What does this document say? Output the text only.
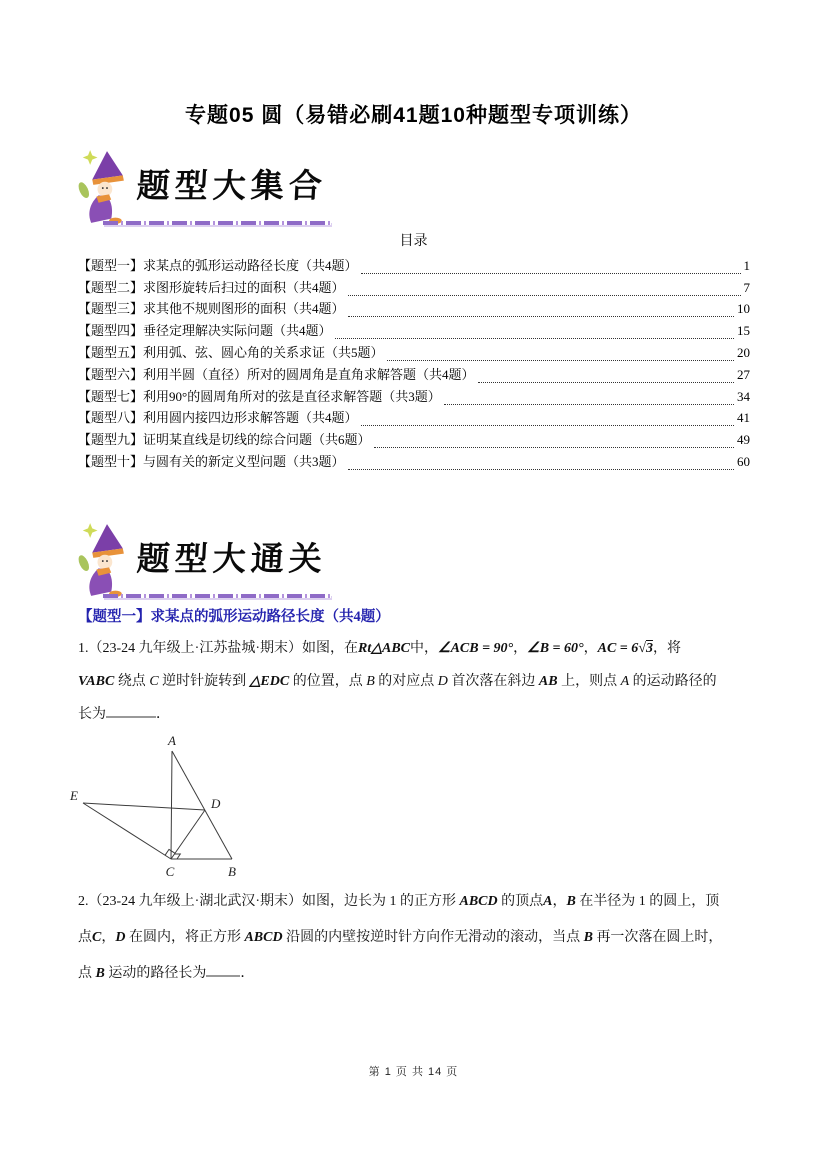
专题05 圆（易错必刷41题10种题型专项训练）
题型大集合
目录
【题型一】求某点的弧形运动路径长度（共4题）	1
【题型二】求图形旋转后扫过的面积（共4题）	7
【题型三】求其他不规则图形的面积（共4题）	10
【题型四】垂径定理解决实际问题（共4题）	15
【题型五】利用弧、弦、圆心角的关系求证（共5题）	20
【题型六】利用半圆（直径）所对的圆周角是直角求解答题（共4题）	27
【题型七】利用90°的圆周角所对的弦是直径求解答题（共3题）	34
【题型八】利用圆内接四边形求解答题（共4题）	41
【题型九】证明某直线是切线的综合问题（共6题）	49
【题型十】与圆有关的新定义型问题（共3题）	60
题型大通关
【题型一】求某点的弧形运动路径长度（共4题）
1.（23-24 九年级上·江苏盐城·期末）如图，在Rt△ABC中，∠ACB = 90°，∠B = 60°，AC = 6√3，将
VABC 绕点 C 逆时针旋转到 △EDC 的位置，点 B 的对应点 D 首次落在斜边 AB 上，则点 A 的运动路径的
长为	．
A
E
D
C	B
2.（23-24 九年级上·湖北武汉·期末）如图，边长为 1 的正方形 ABCD 的顶点A，B 在半径为 1 的圆上，顶
点C，D 在圆内，将正方形 ABCD 沿圆的内壁按逆时针方向作无滑动的滚动，当点 B 再一次落在圆上时，
点 B 运动的路径长为 ．
第 1 页 共 14 页
